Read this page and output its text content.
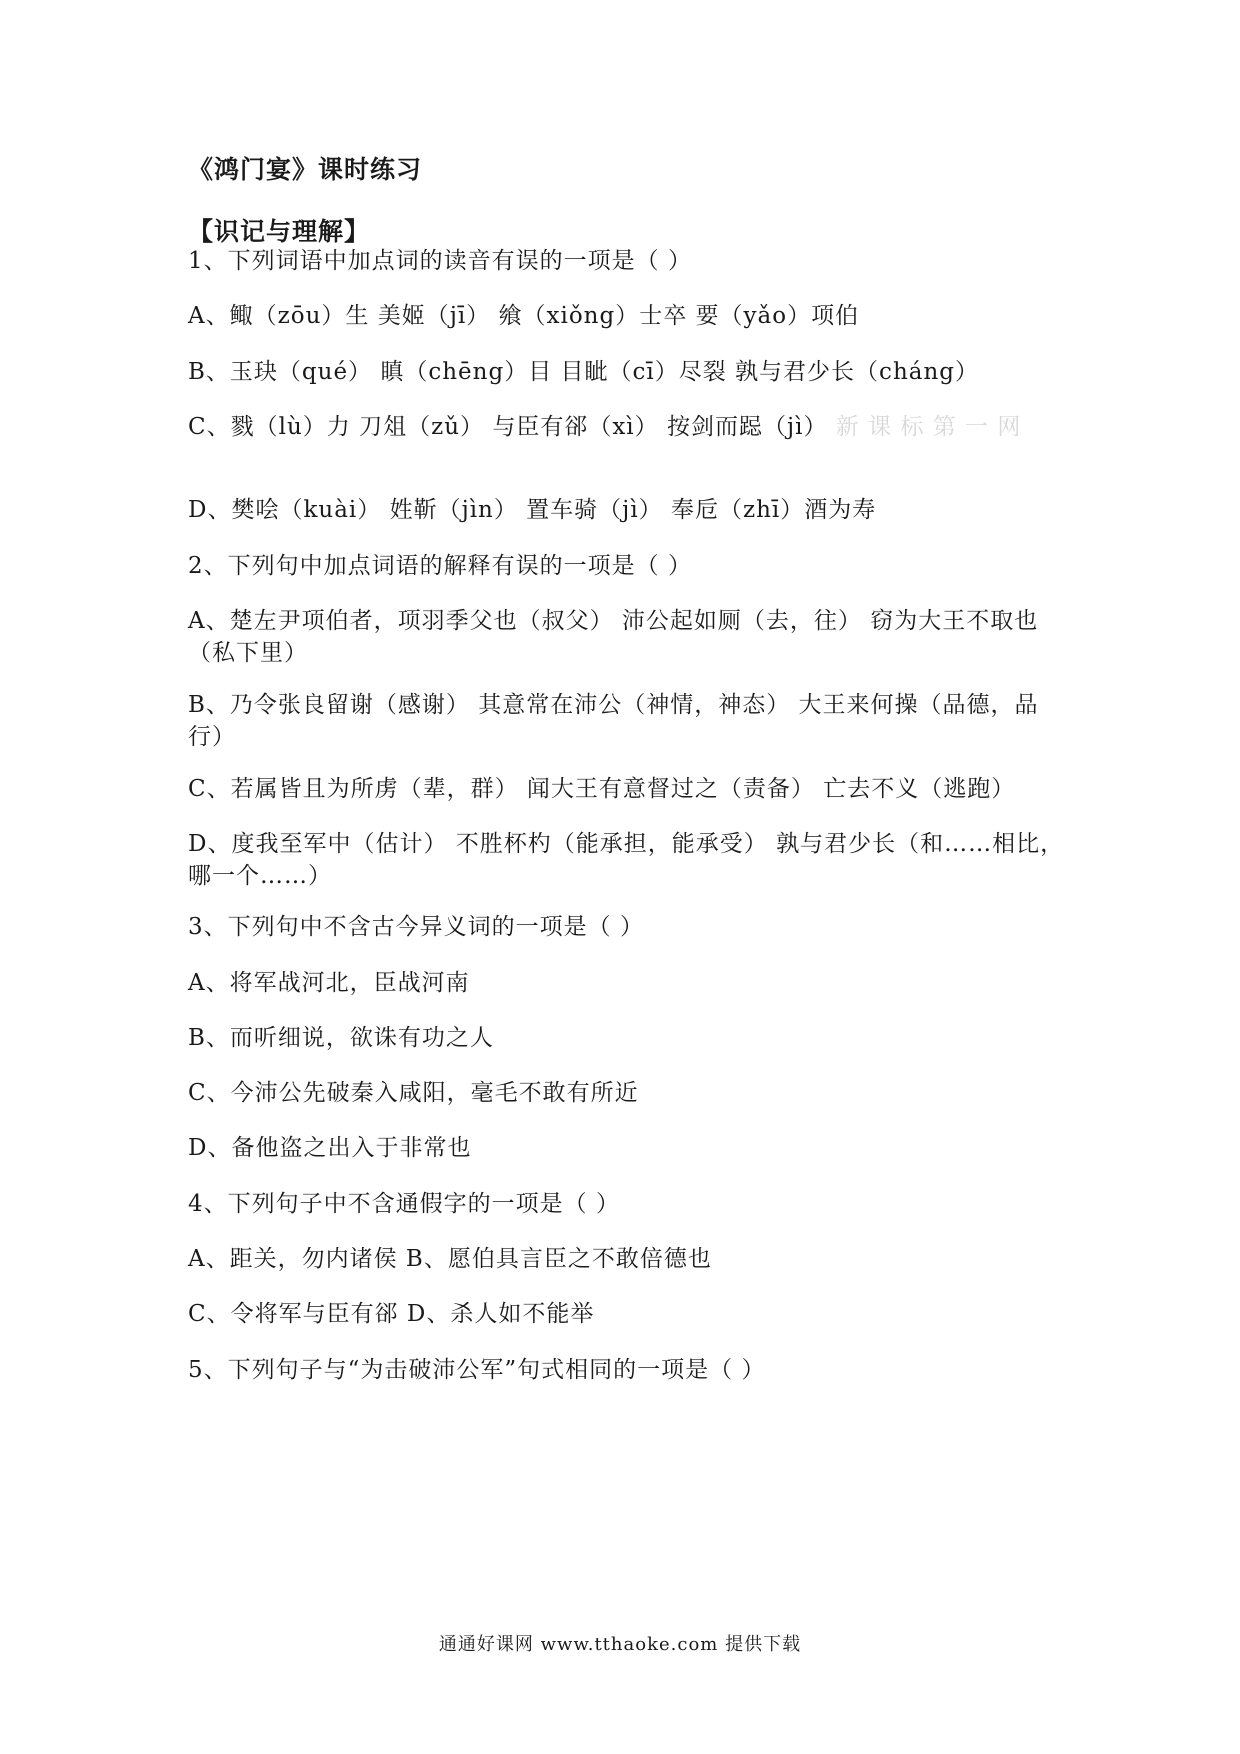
《鸿门宴》课时练习
【识记与理解】
1、下列词语中加点词的读音有误的一项是（ ）
A、鲰（zōu）生 美姬（jī） 飨（xiǒng）士卒 要（yǎo）项伯
B、玉玦（qué） 瞋（chēng）目 目眦（cī）尽裂 孰与君少长（cháng）
C、戮（lù）力 刀俎（zǔ） 与臣有郤（xì） 按剑而跽（jì） 新 课 标 第 一 网
D、樊哙（kuài） 姓靳（jìn） 置车骑（jì） 奉卮（zhī）酒为寿
2、下列句中加点词语的解释有误的一项是（ ）
A、楚左尹项伯者，项羽季父也（叔父） 沛公起如厕（去，往） 窃为大王不取也（私下里）
B、乃令张良留谢（感谢） 其意常在沛公（神情，神态） 大王来何操（品德，品行）
C、若属皆且为所虏（辈，群） 闻大王有意督过之（责备） 亡去不义（逃跑）
D、度我至军中（估计） 不胜杯杓（能承担，能承受） 孰与君少长（和……相比，哪一个……）
3、下列句中不含古今异义词的一项是（ ）
A、将军战河北，臣战河南
B、而听细说，欲诛有功之人
C、今沛公先破秦入咸阳，毫毛不敢有所近
D、备他盗之出入于非常也
4、下列句子中不含通假字的一项是（ ）
A、距关，勿内诸侯 B、愿伯具言臣之不敢倍德也
C、令将军与臣有郤 D、杀人如不能举
5、下列句子与“为击破沛公军”句式相同的一项是（ ）
通通好课网 www.tthaoke.com 提供下载
